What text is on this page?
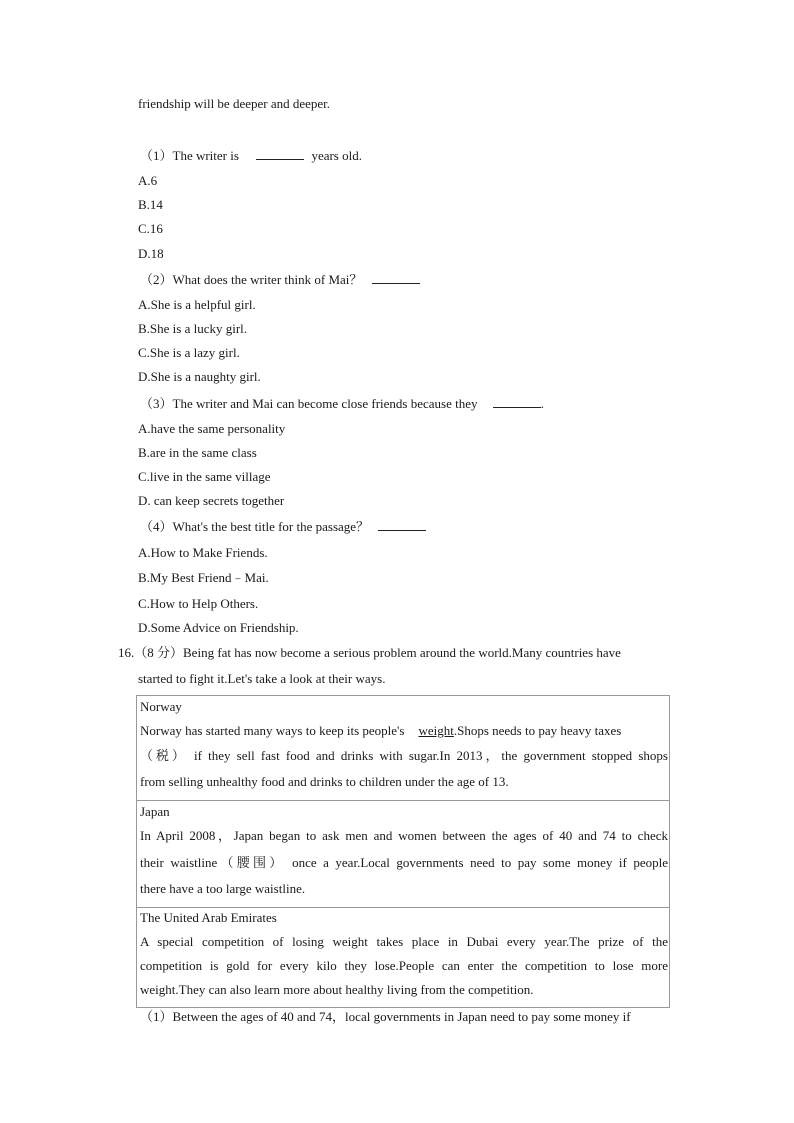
friendship will be deeper and deeper.
（1）The writer is	years old.
A.6
B.14
C.16
D.18
（2）What does the writer think of Mai？
A.She is a helpful girl.
B.She is a lucky girl.
C.She is a lazy girl.
D.She is a naughty girl.
（3）The writer and Mai can become close friends because they	.
A.have the same personality
B.are in the same class
C.live in the same village
D. can keep secrets together
（4）What's the best title for the passage？
A.How to Make Friends.
B.My Best Friend﹣Mai.
C.How to Help Others.
D.Some Advice on Friendship.
16.（8 分）Being fat has now become a serious problem around the world.Many countries have
started to fight it.Let's take a look at their ways.
Norway
Norway has started many ways to keep its people's weight.Shops needs to pay heavy taxes
（税） if they sell fast food and drinks with sugar.In 2013，the government stopped shops
from selling unhealthy food and drinks to children under the age of 13.
Japan
In April 2008，Japan began to ask men and women between the ages of 40 and 74 to check
their waistline（腰围） once a year.Local governments need to pay some money if people
there have a too large waistline.
The United Arab Emirates
A special competition of losing weight takes place in Dubai every year.The prize of the
competition is gold for every kilo they lose.People can enter the competition to lose more
weight.They can also learn more about healthy living from the competition.
（1）Between the ages of 40 and 74，local governments in Japan need to pay some money if
